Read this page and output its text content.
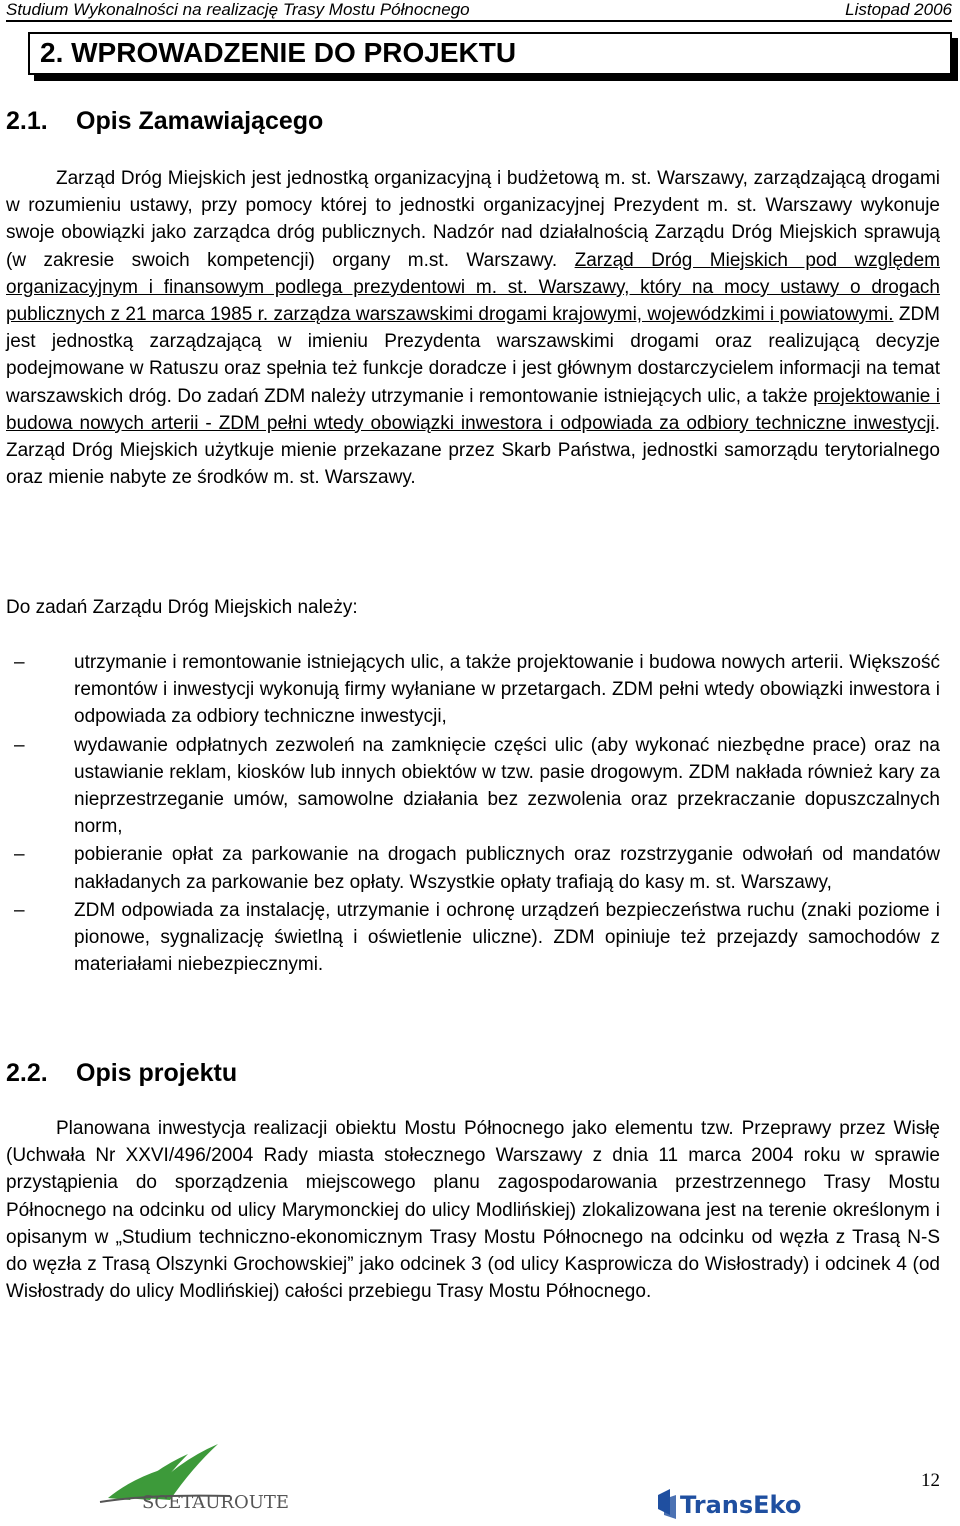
Studium Wykonalności na realizację Trasy Mostu Północnego	Listopad 2006
2. WPROWADZENIE DO PROJEKTU
2.1. Opis Zamawiającego
Zarząd Dróg Miejskich jest jednostką organizacyjną i budżetową m. st. Warszawy, zarządzającą drogami w rozumieniu ustawy, przy pomocy której to jednostki organizacyjnej Prezydent m. st. Warszawy wykonuje swoje obowiązki jako zarządca dróg publicznych. Nadzór nad działalnością Zarządu Dróg Miejskich sprawują (w zakresie swoich kompetencji) organy m.st. Warszawy. Zarząd Dróg Miejskich pod względem organizacyjnym i finansowym podlega prezydentowi m. st. Warszawy, który na mocy ustawy o drogach publicznych z 21 marca 1985 r. zarządza warszawskimi drogami krajowymi, wojewódzkimi i powiatowymi. ZDM jest jednostką zarządzającą w imieniu Prezydenta warszawskimi drogami oraz realizującą decyzje podejmowane w Ratuszu oraz spełnia też funkcje doradcze i jest głównym dostarczycielem informacji na temat warszawskich dróg. Do zadań ZDM należy utrzymanie i remontowanie istniejących ulic, a także projektowanie i budowa nowych arterii - ZDM pełni wtedy obowiązki inwestora i odpowiada za odbiory techniczne inwestycji. Zarząd Dróg Miejskich użytkuje mienie przekazane przez Skarb Państwa, jednostki samorządu terytorialnego oraz mienie nabyte ze środków m. st. Warszawy.
Do zadań Zarządu Dróg Miejskich należy:
–	utrzymanie i remontowanie istniejących ulic, a także projektowanie i budowa nowych arterii. Większość remontów i inwestycji wykonują firmy wyłaniane w przetargach. ZDM pełni wtedy obowiązki inwestora i odpowiada za odbiory techniczne inwestycji,
–	wydawanie odpłatnych zezwoleń na zamknięcie części ulic (aby wykonać niezbędne prace) oraz na ustawianie reklam, kiosków lub innych obiektów w tzw. pasie drogowym. ZDM nakłada również kary za nieprzestrzeganie umów, samowolne działania bez zezwolenia oraz przekraczanie dopuszczalnych norm,
–	pobieranie opłat za parkowanie na drogach publicznych oraz rozstrzyganie odwołań od mandatów nakładanych za parkowanie bez opłaty. Wszystkie opłaty trafiają do kasy m. st. Warszawy,
–	ZDM odpowiada za instalację, utrzymanie i ochronę urządzeń bezpieczeństwa ruchu (znaki poziome i pionowe, sygnalizację świetlną i oświetlenie uliczne). ZDM opiniuje też przejazdy samochodów z materiałami niebezpiecznymi.
2.2. Opis projektu
Planowana inwestycja realizacji obiektu Mostu Północnego jako elementu tzw. Przeprawy przez Wisłę (Uchwała Nr XXVI/496/2004 Rady miasta stołecznego Warszawy z dnia 11 marca 2004 roku w sprawie przystąpienia do sporządzenia miejscowego planu zagospodarowania przestrzennego Trasy Mostu Północnego na odcinku od ulicy Marymonckiej do ulicy Modlińskiej) zlokalizowana jest na terenie określonym i opisanym w „Studium techniczno-ekonomicznym Trasy Mostu Północnego na odcinku od węzła z Trasą N-S do węzła z Trasą Olszynki Grochowskiej” jako odcinek 3 (od ulicy Kasprowicza do Wisłostrady) i odcinek 4 (od Wisłostrady do ulicy Modlińskiej) całości przebiegu Trasy Mostu Północnego.
SCETAUROUTE	TransEko
12
